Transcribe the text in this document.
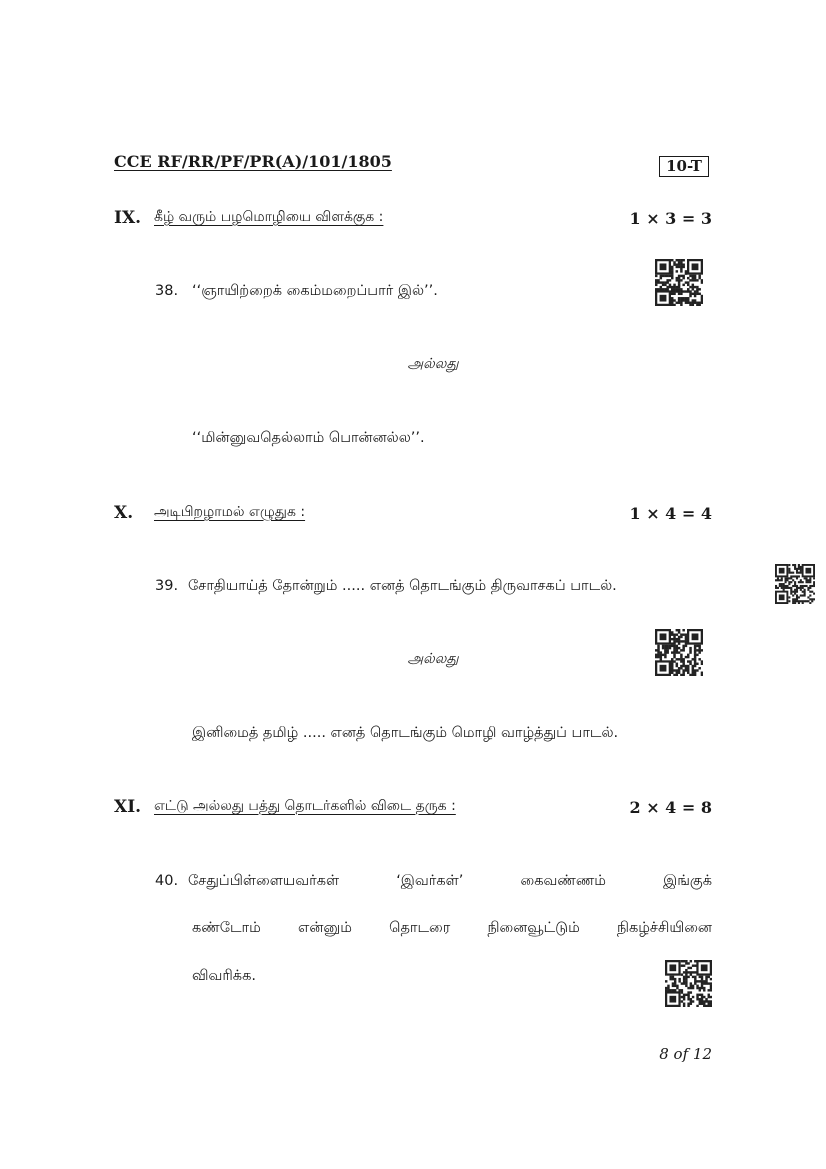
CCE RF/RR/PF/PR(A)/101/1805	10-T
IX. கீழ் வரும் பழமொழியை விளக்குக :	1 × 3 = 3
38. ‘‘ஞாயிற்றைக் கைம்மறைப்பார் இல்’’.
அல்லது
‘‘மின்னுவதெல்லாம் பொன்னல்ல’’.
X. அடிபிறழாமல் எழுதுக :	1 × 4 = 4
39. சோதியாய்த் தோன்றும் ..... எனத் தொடங்கும் திருவாசகப் பாடல்.
அல்லது
இனிமைத் தமிழ் ..... எனத் தொடங்கும் மொழி வாழ்த்துப் பாடல்.
XI. எட்டு அல்லது பத்து தொடர்களில் விடை தருக :	2 × 4 = 8
40. சேதுப்பிள்ளையவர்கள்	‘இவர்கள்’	கைவண்ணம்	இங்குக்
கண்டோம்	என்னும்	தொடரை	நினைவூட்டும்	நிகழ்ச்சியினை
விவரிக்க.
8 of 12
